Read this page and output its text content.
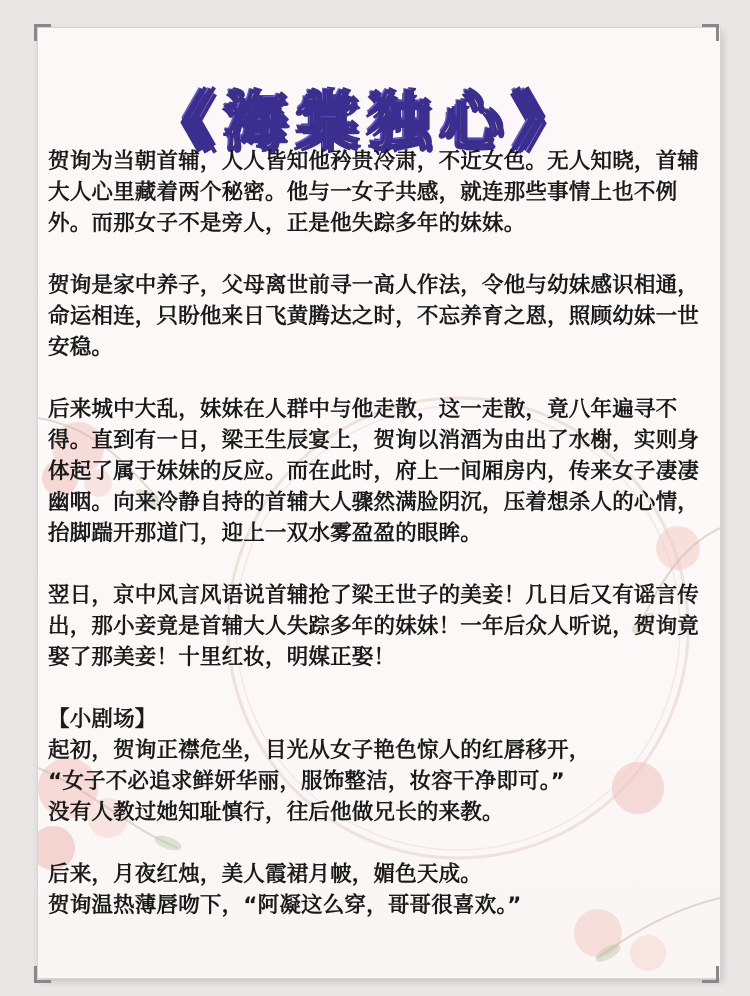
《海棠独心》

贺询为当朝首辅，人人皆知他矜贵冷肃，不近女色。无人知晓，首辅大人心里藏着两个秘密。他与一女子共感，就连那些事情上也不例外。而那女子不是旁人，正是他失踪多年的妹妹。

贺询是家中养子，父母离世前寻一高人作法，令他与幼妹感识相通，命运相连，只盼他来日飞黄腾达之时，不忘养育之恩，照顾幼妹一世安稳。

后来城中大乱，妹妹在人群中与他走散，这一走散，竟八年遍寻不得。直到有一日，梁王生辰宴上，贺询以消酒为由出了水榭，实则身体起了属于妹妹的反应。而在此时，府上一间厢房内，传来女子凄凄幽咽。向来冷静自持的首辅大人骤然满脸阴沉，压着想杀人的心情，抬脚踹开那道门，迎上一双水雾盈盈的眼眸。

翌日，京中风言风语说首辅抢了梁王世子的美妾！几日后又有谣言传出，那小妾竟是首辅大人失踪多年的妹妹！一年后众人听说，贺询竟娶了那美妾！十里红妆，明媒正娶！

【小剧场】

起初，贺询正襟危坐，目光从女子艳色惊人的红唇移开，

“女子不必追求鲜妍华丽，服饰整洁，妆容干净即可。”

没有人教过她知耻慎行，往后他做兄长的来教。

后来，月夜红烛，美人霞裙月帔，媚色天成。

贺询温热薄唇吻下，“阿凝这么穿，哥哥很喜欢。”
